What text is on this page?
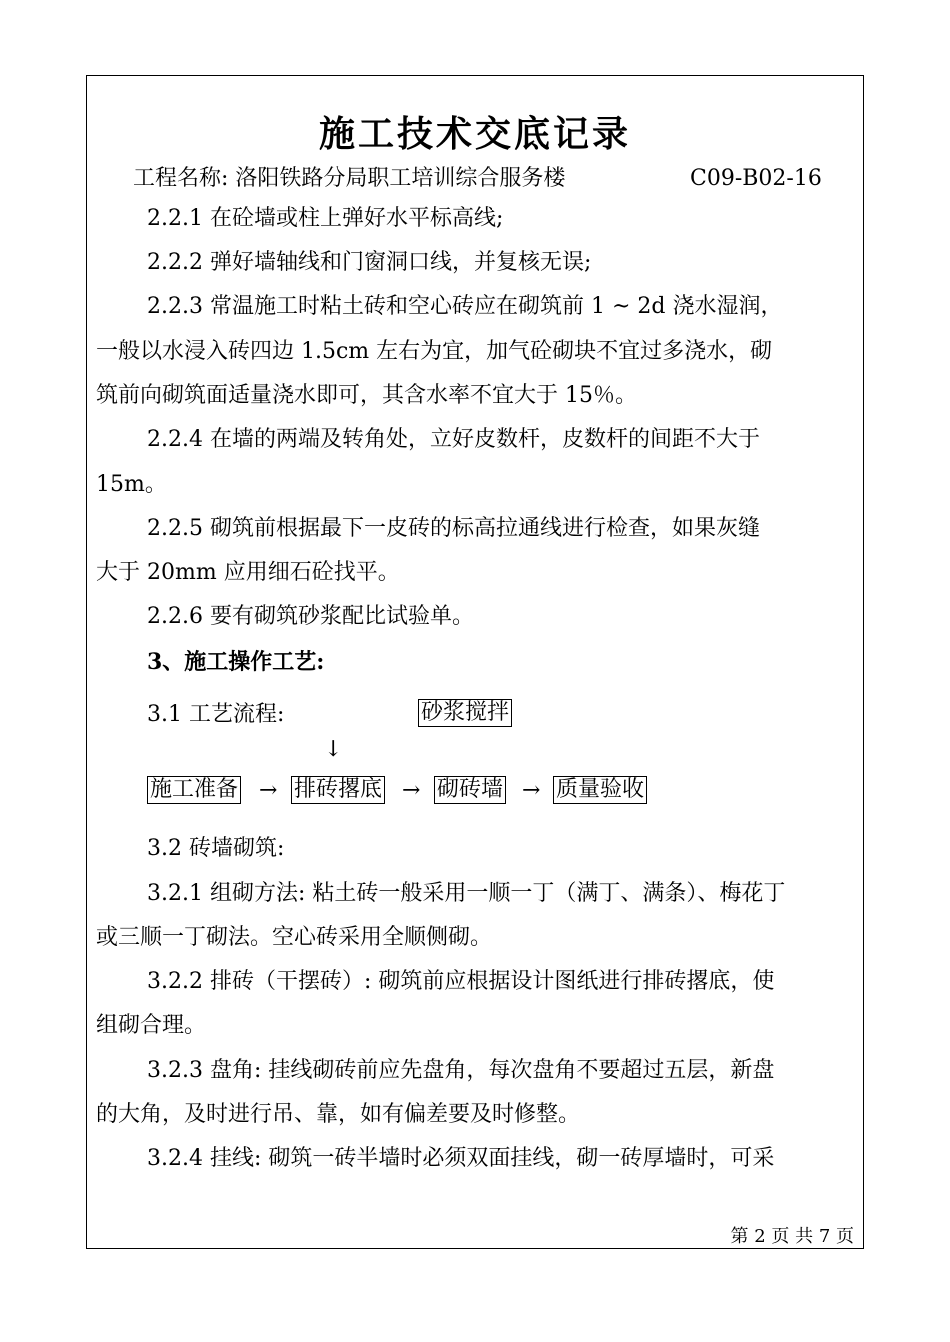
施工技术交底记录
工程名称: 洛阳铁路分局职工培训综合服务楼	C09-B02-16
2.2.1 在砼墙或柱上弹好水平标高线;
2.2.2 弹好墙轴线和门窗洞口线，并复核无误;
2.2.3 常温施工时粘土砖和空心砖应在砌筑前 1 ~ 2d 浇水湿润，
一般以水浸入砖四边 1.5cm 左右为宜，加气砼砌块不宜过多浇水，砌
筑前向砌筑面适量浇水即可，其含水率不宜大于 15％。
2.2.4 在墙的两端及转角处，立好皮数杆，皮数杆的间距不大于
15m。
2.2.5 砌筑前根据最下一皮砖的标高拉通线进行检查，如果灰缝
大于 20mm 应用细石砼找平。
2.2.6 要有砌筑砂浆配比试验单。
3、施工操作工艺:
3.1 工艺流程:	砂浆搅拌
↓
施工准备 → 排砖撂底 → 砌砖墙 → 质量验收
3.2 砖墙砌筑:
3.2.1 组砌方法: 粘土砖一般采用一顺一丁（满丁、满条）、梅花丁
或三顺一丁砌法。空心砖采用全顺侧砌。
3.2.2 排砖（干摆砖）: 砌筑前应根据设计图纸进行排砖撂底，使
组砌合理。
3.2.3 盘角: 挂线砌砖前应先盘角，每次盘角不要超过五层，新盘
的大角，及时进行吊、靠，如有偏差要及时修整。
3.2.4 挂线: 砌筑一砖半墙时必须双面挂线，砌一砖厚墙时，可采
第 2 页 共 7 页
